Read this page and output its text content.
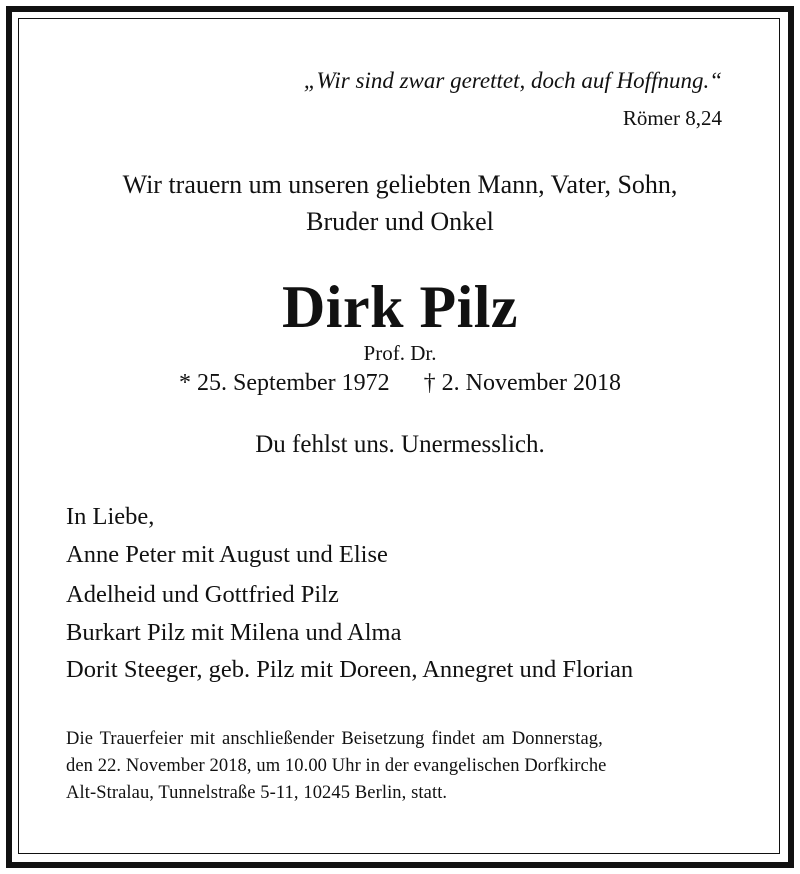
„Wir sind zwar gerettet, doch auf Hoffnung.“
Römer 8,24
Wir trauern um unseren geliebten Mann, Vater, Sohn,
Bruder und Onkel
Dirk Pilz
Prof. Dr.
* 25. September 1972 † 2. November 2018
Du fehlst uns. Unermesslich.
In Liebe,
Anne Peter mit August und Elise
Adelheid und Gottfried Pilz
Burkart Pilz mit Milena und Alma
Dorit Steeger, geb. Pilz mit Doreen, Annegret und Florian
Die Trauerfeier mit anschließender Beisetzung findet am Donnerstag,
den 22. November 2018, um 10.00 Uhr in der evangelischen Dorfkirche
Alt-Stralau, Tunnelstraße 5-11, 10245 Berlin, statt.
